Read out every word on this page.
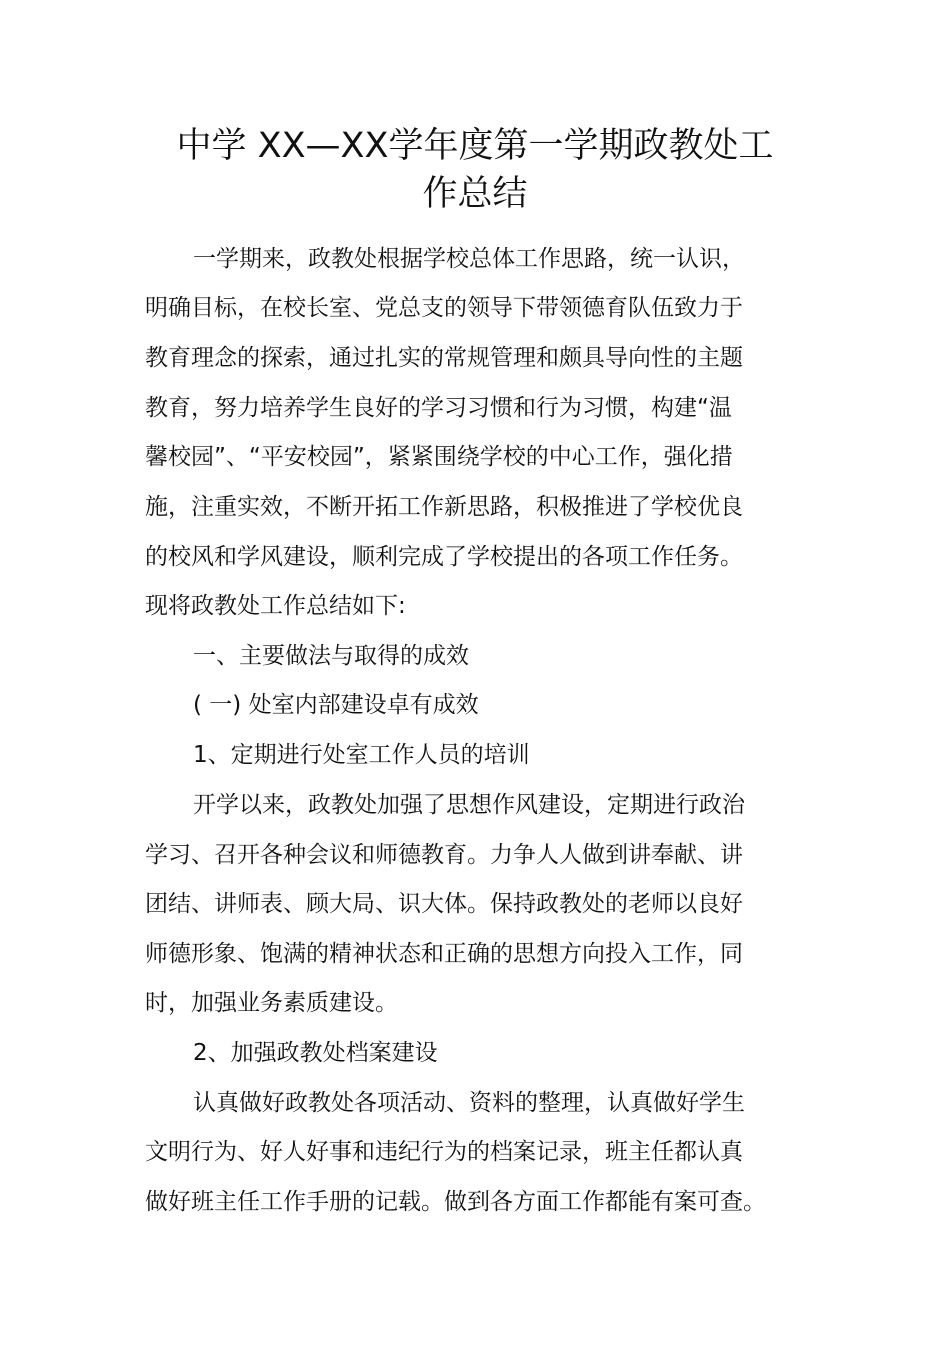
中学 XX—XX学年度第一学期政教处工
作总结
一学期来，政教处根据学校总体工作思路，统一认识，
明确目标，在校长室、党总支的领导下带领德育队伍致力于
教育理念的探索，通过扎实的常规管理和颇具导向性的主题
教育，努力培养学生良好的学习习惯和行为习惯，构建“温
馨校园”、“平安校园”，紧紧围绕学校的中心工作，强化措
施，注重实效，不断开拓工作新思路，积极推进了学校优良
的校风和学风建设，顺利完成了学校提出的各项工作任务。
现将政教处工作总结如下:
一、主要做法与取得的成效
( 一) 处室内部建设卓有成效
1、定期进行处室工作人员的培训
开学以来，政教处加强了思想作风建设，定期进行政治
学习、召开各种会议和师德教育。力争人人做到讲奉献、讲
团结、讲师表、顾大局、识大体。保持政教处的老师以良好
师德形象、饱满的精神状态和正确的思想方向投入工作，同
时，加强业务素质建设。
2、加强政教处档案建设
认真做好政教处各项活动、资料的整理，认真做好学生
文明行为、好人好事和违纪行为的档案记录，班主任都认真
做好班主任工作手册的记载。做到各方面工作都能有案可查。
